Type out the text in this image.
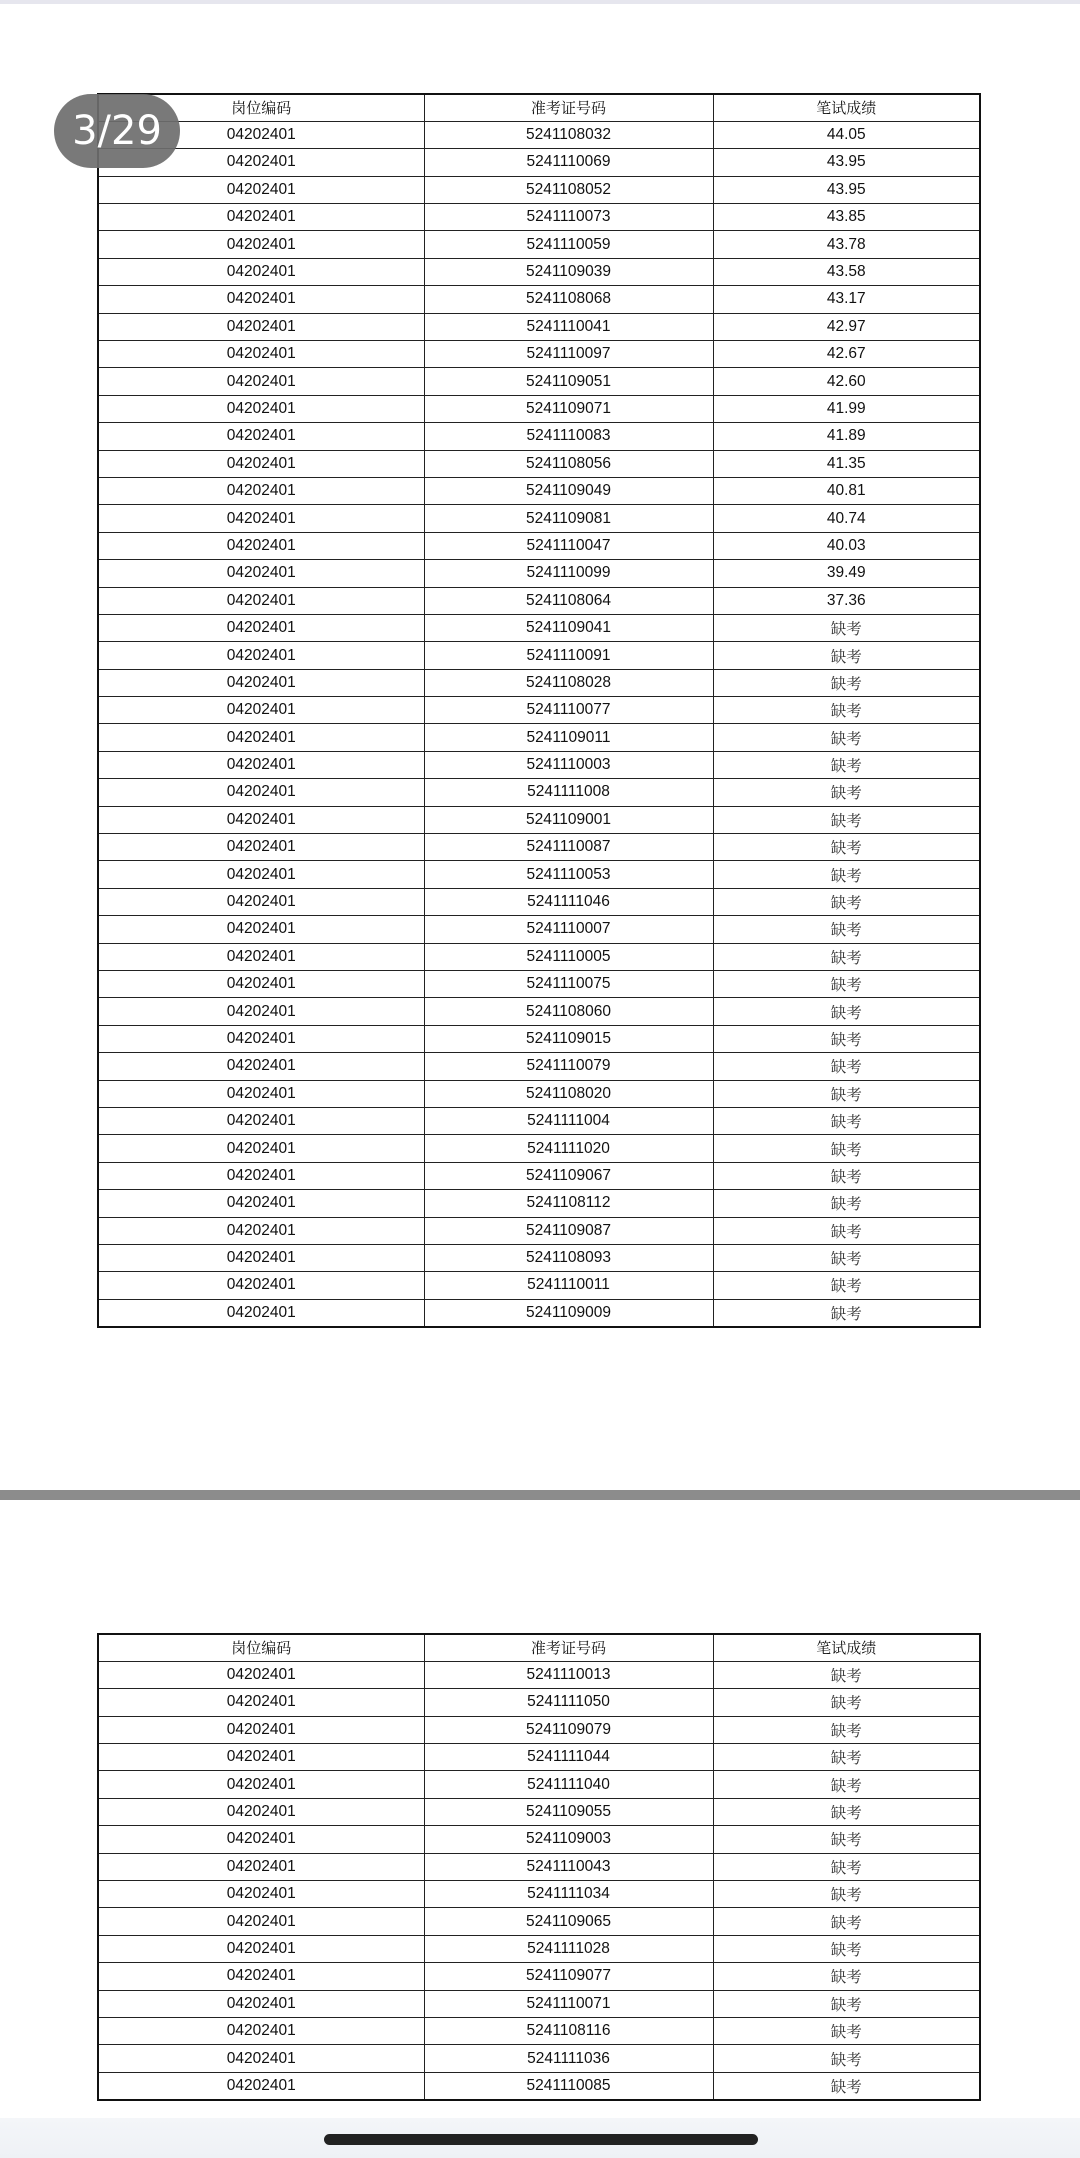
3/29	岗位编码	准考证号码	笔试成绩
04202401	5241108032	44.05
04202401	5241110069	43.95
04202401	5241108052	43.95
04202401	5241110073	43.85
04202401	5241110059	43.78
04202401	5241109039	43.58
04202401	5241108068	43.17
04202401	5241110041	42.97
04202401	5241110097	42.67
04202401	5241109051	42.60
04202401	5241109071	41.99
04202401	5241110083	41.89
04202401	5241108056	41.35
04202401	5241109049	40.81
04202401	5241109081	40.74
04202401	5241110047	40.03
04202401	5241110099	39.49
04202401	5241108064	37.36
04202401	5241109041	缺考
04202401	5241110091	缺考
04202401	5241108028	缺考
04202401	5241110077	缺考
04202401	5241109011	缺考
04202401	5241110003	缺考
04202401	5241111008	缺考
04202401	5241109001	缺考
04202401	5241110087	缺考
04202401	5241110053	缺考
04202401	5241111046	缺考
04202401	5241110007	缺考
04202401	5241110005	缺考
04202401	5241110075	缺考
04202401	5241108060	缺考
04202401	5241109015	缺考
04202401	5241110079	缺考
04202401	5241108020	缺考
04202401	5241111004	缺考
04202401	5241111020	缺考
04202401	5241109067	缺考
04202401	5241108112	缺考
04202401	5241109087	缺考
04202401	5241108093	缺考
04202401	5241110011	缺考
04202401	5241109009	缺考
岗位编码	准考证号码	笔试成绩
04202401	5241110013	缺考
04202401	5241111050	缺考
04202401	5241109079	缺考
04202401	5241111044	缺考
04202401	5241111040	缺考
04202401	5241109055	缺考
04202401	5241109003	缺考
04202401	5241110043	缺考
04202401	5241111034	缺考
04202401	5241109065	缺考
04202401	5241111028	缺考
04202401	5241109077	缺考
04202401	5241110071	缺考
04202401	5241108116	缺考
04202401	5241111036	缺考
04202401	5241110085	缺考
